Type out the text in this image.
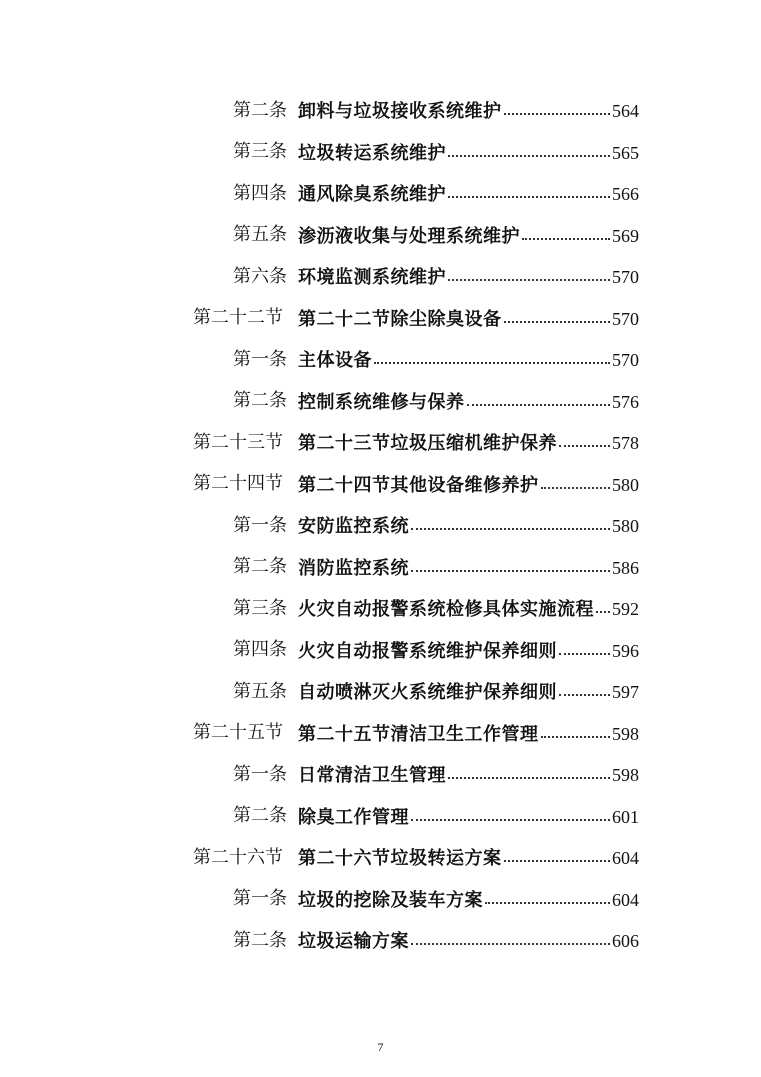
第二条 卸料与垃圾接收系统维护	564
第三条 垃圾转运系统维护	565
第四条 通风除臭系统维护	566
第五条 渗沥液收集与处理系统维护	569
第六条 环境监测系统维护	570
第二十二节 第二十二节除尘除臭设备	570
第一条 主体设备	570
第二条 控制系统维修与保养	576
第二十三节 第二十三节垃圾压缩机维护保养	578
第二十四节 第二十四节其他设备维修养护	580
第一条 安防监控系统	580
第二条 消防监控系统	586
第三条 火灾自动报警系统检修具体实施流程 592
第四条 火灾自动报警系统维护保养细则	596
第五条 自动喷淋灭火系统维护保养细则	597
第二十五节 第二十五节清洁卫生工作管理	598
第一条 日常清洁卫生管理	598
第二条 除臭工作管理	601
第二十六节 第二十六节垃圾转运方案	604
第一条 垃圾的挖除及装车方案	604
第二条 垃圾运输方案	606
7
